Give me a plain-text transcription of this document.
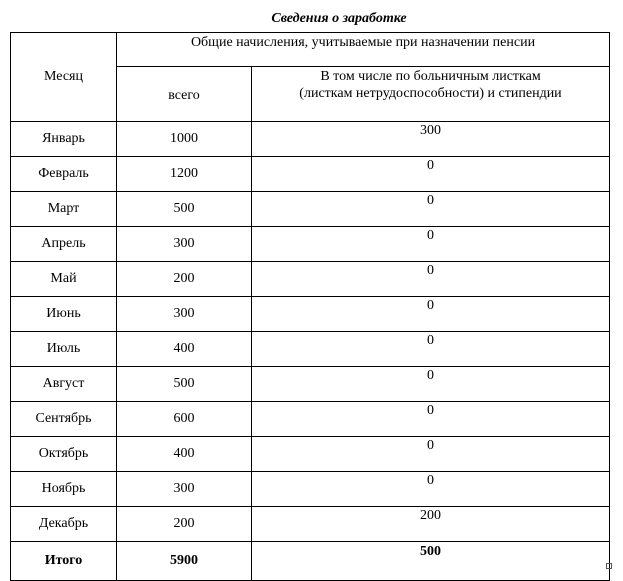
Сведения о заработке
Месяц	Общие начисления, учитываемые при назначении пенсии	
	всего	В том числе по больничным листкам
(листкам нетрудоспособности) и стипендии
Январь	1000	300
Февраль	1200	0
Март	500	0
Апрель	300	0
Май	200	0
Июнь	300	0
Июль	400	0
Август	500	0
Сентябрь	600	0
Октябрь	400	0
Ноябрь	300	0
Декабрь	200	200
Итого	5900	500
